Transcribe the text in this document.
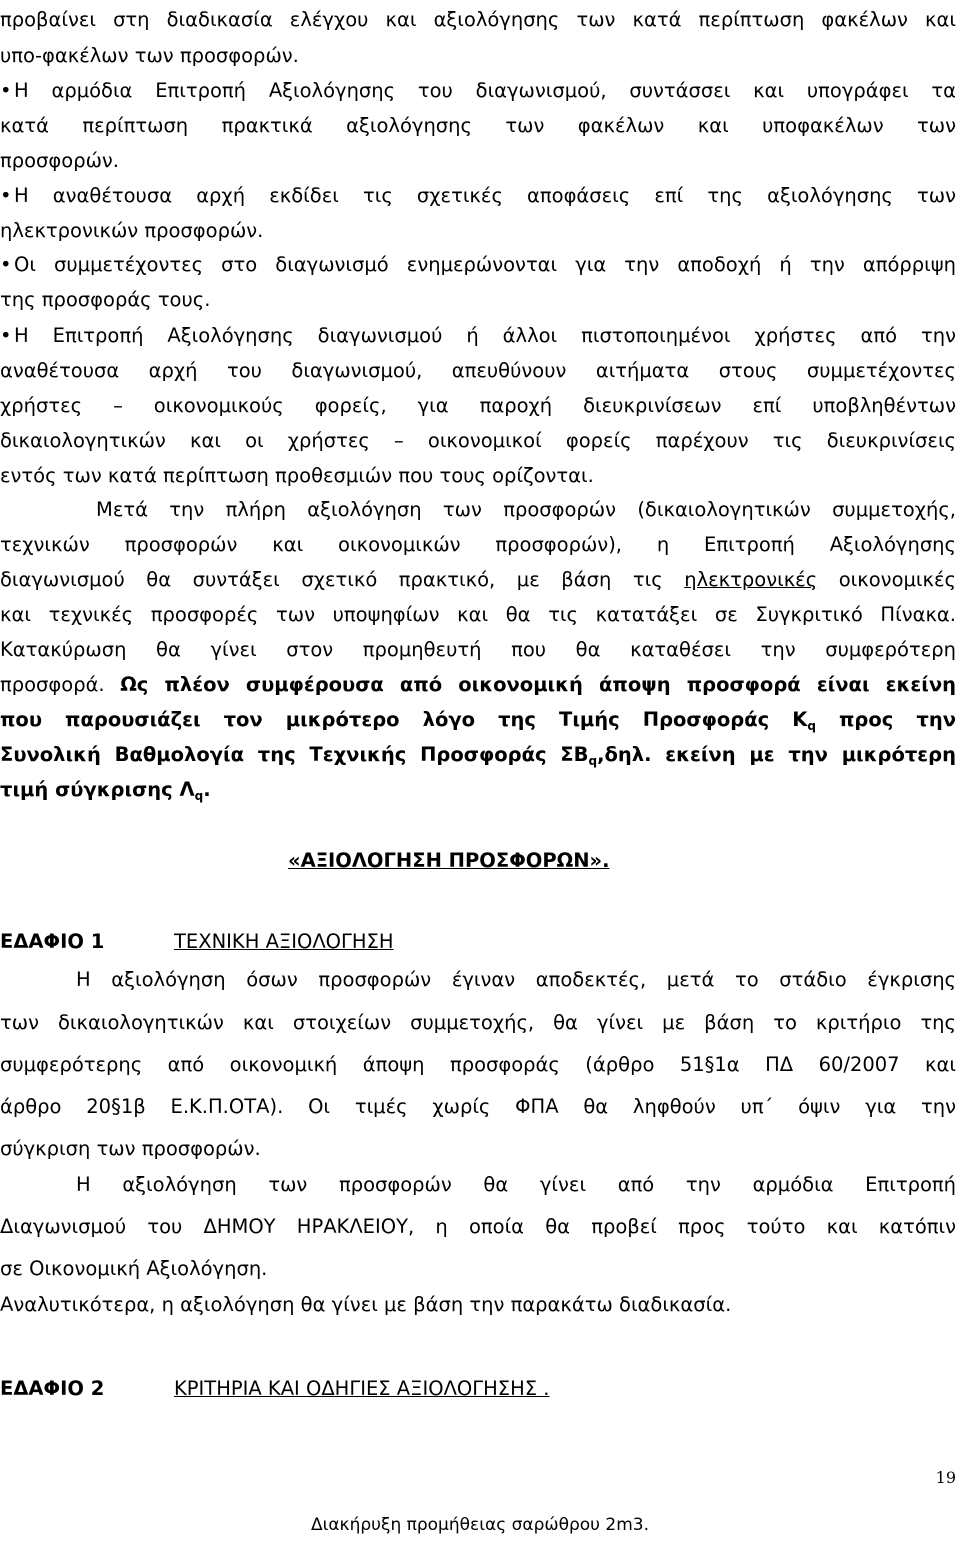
προβαίνει στη διαδικασία ελέγχου και αξιολόγησης των κατά περίπτωση φακέλων και
υπο-φακέλων των προσφορών.
• Η αρμόδια Επιτροπή Αξιολόγησης του διαγωνισμού, συντάσσει και υπογράφει τα
κατά περίπτωση πρακτικά αξιολόγησης των φακέλων και υποφακέλων των
προσφορών.
• Η αναθέτουσα αρχή εκδίδει τις σχετικές αποφάσεις επί της αξιολόγησης των
ηλεκτρονικών προσφορών.
• Οι συμμετέχοντες στο διαγωνισμό ενημερώνονται για την αποδοχή ή την απόρριψη
της προσφοράς τους.
• Η Επιτροπή Αξιολόγησης διαγωνισμού ή άλλοι πιστοποιημένοι χρήστες από την
αναθέτουσα αρχή του διαγωνισμού, απευθύνουν αιτήματα στους συμμετέχοντες
χρήστες – οικονομικούς φορείς, για παροχή διευκρινίσεων επί υποβληθέντων
δικαιολογητικών και οι χρήστες – οικονομικοί φορείς παρέχουν τις διευκρινίσεις
εντός των κατά περίπτωση προθεσμιών που τους ορίζονται.
Μετά την πλήρη αξιολόγηση των προσφορών (δικαιολογητικών συμμετοχής,
τεχνικών προσφορών και οικονομικών προσφορών), η Επιτροπή Αξιολόγησης
διαγωνισμού θα συντάξει σχετικό πρακτικό, με βάση τις ηλεκτρονικές οικονομικές
και τεχνικές προσφορές των υποψηφίων και θα τις κατατάξει σε Συγκριτικό Πίνακα.
Κατακύρωση θα γίνει στον προμηθευτή που θα καταθέσει την συμφερότερη
προσφορά. Ως πλέον συμφέρουσα από οικονομική άποψη προσφορά είναι εκείνη
που παρουσιάζει τον μικρότερο λόγο της Τιμής Προσφοράς $K_q$ προς την
Συνολική Βαθμολογία της Τεχνικής Προσφοράς $\Sigma B_q,\delta\eta\lambda$. εκείνη με την μικρότερη
τιμή σύγκρισης $\Lambda_q$.
«ΑΞΙΟΛΟΓΗΣΗ ΠΡΟΣΦΟΡΩΝ».
ΕΔΑΦΙΟ 1	ΤΕΧΝΙΚΗ ΑΞΙΟΛΟΓΗΣΗ
Η αξιολόγηση όσων προσφορών έγιναν αποδεκτές, μετά το στάδιο έγκρισης
των δικαιολογητικών και στοιχείων συμμετοχής, θα γίνει με βάση το κριτήριο της
συμφερότερης από οικονομική άποψη προσφοράς (άρθρο 51§1α ΠΔ 60/2007 και
άρθρο 20§1β Ε.Κ.Π.ΟΤΑ). Οι τιμές χωρίς ΦΠΑ θα ληφθούν υπ΄ όψιν για την
σύγκριση των προσφορών.
Η αξιολόγηση των προσφορών θα γίνει από την αρμόδια Επιτροπή
Διαγωνισμού του ΔΗΜΟΥ ΗΡΑΚΛΕΙΟΥ, η οποία θα προβεί προς τούτο και κατόπιν
σε Οικονομική Αξιολόγηση.
Αναλυτικότερα, η αξιολόγηση θα γίνει με βάση την παρακάτω διαδικασία.
ΕΔΑΦΙΟ 2	ΚΡΙΤΗΡΙΑ ΚΑΙ ΟΔΗΓΙΕΣ ΑΞΙΟΛΟΓΗΣΗΣ .
19
Διακήρυξη προμήθειας σαρώθρου 2m3.
